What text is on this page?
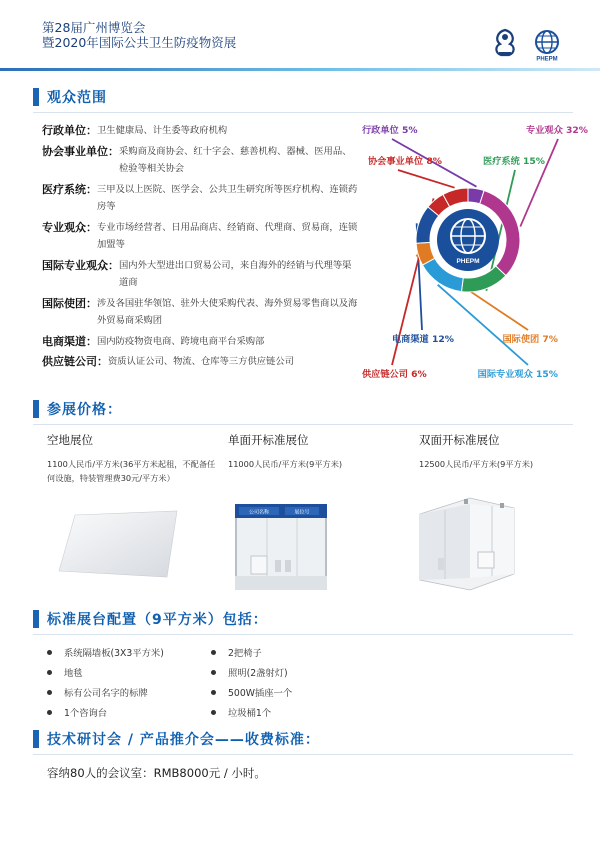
第28届广州博览会
暨2020年国际公共卫生防疫物资展
PHEPM
观众范围
行政单位： 卫生健康局、计生委等政府机构
协会事业单位： 采购商及商协会、红十字会、慈善机构、器械、医用品、检验等相关协会
医疗系统： 三甲及以上医院、医学会、公共卫生研究所等医疗机构、连锁药房等
专业观众： 专业市场经营者、日用品商店、经销商、代理商、贸易商，连锁加盟等
国际专业观众： 国内外大型进出口贸易公司，来自海外的经销与代理等渠道商
国际使团： 涉及各国驻华领馆、驻外大使采购代表、海外贸易零售商以及海外贸易商采购团
电商渠道： 国内防疫物资电商、跨境电商平台采购部
供应链公司： 资质认证公司、物流、仓库等三方供应链公司
PHEPM
行政单位 5%	专业观众 32%
协会事业单位 8%	医疗系统 15%
电商渠道 12%	国际使团 7%
供应链公司 6%	国际专业观众 15%
参展价格：
空地展位
1100人民币/平方米(36平方米起租，不配备任何设施，特装管理费30元/平方米）
单面开标准展位
11000人民币/平方米(9平方米)
双面开标准展位
12500人民币/平方米(9平方米)
公司名称	展位号
标准展台配置（9平方米）包括：
系统隔墙板(3X3平方米)
地毯
标有公司名字的标牌
1个咨询台
2把椅子
照明(2盏射灯)
500W插座一个
垃圾桶1个
技术研讨会 / 产品推介会——收费标准：
容纳80人的会议室：RMB8000元 / 小时。
